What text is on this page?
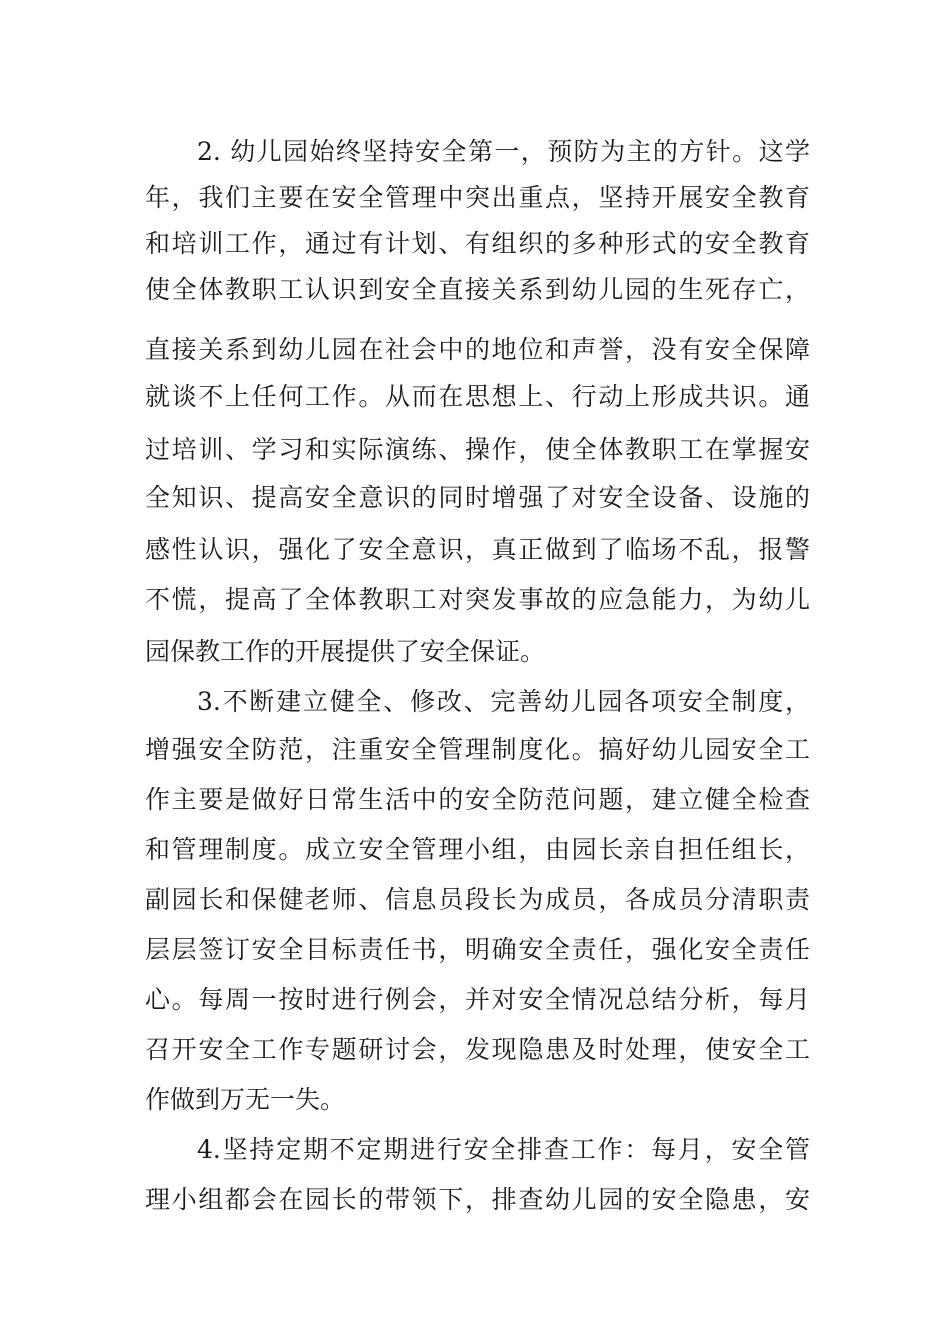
2. 幼儿园始终坚持安全第一，预防为主的方针。这学

年，我们主要在安全管理中突出重点，坚持开展安全教育

和培训工作，通过有计划、有组织的多种形式的安全教育

使全体教职工认识到安全直接关系到幼儿园的生死存亡，

直接关系到幼儿园在社会中的地位和声誉，没有安全保障

就谈不上任何工作。从而在思想上、行动上形成共识。通

过培训、学习和实际演练、操作，使全体教职工在掌握安

全知识、提高安全意识的同时增强了对安全设备、设施的

感性认识，强化了安全意识，真正做到了临场不乱，报警

不慌，提高了全体教职工对突发事故的应急能力，为幼儿

园保教工作的开展提供了安全保证。

3.不断建立健全、修改、完善幼儿园各项安全制度，

增强安全防范，注重安全管理制度化。搞好幼儿园安全工

作主要是做好日常生活中的安全防范问题，建立健全检查

和管理制度。成立安全管理小组，由园长亲自担任组长，

副园长和保健老师、信息员段长为成员，各成员分清职责

层层签订安全目标责任书，明确安全责任，强化安全责任

心。每周一按时进行例会，并对安全情况总结分析，每月

召开安全工作专题研讨会，发现隐患及时处理，使安全工

作做到万无一失。

4.坚持定期不定期进行安全排查工作：每月，安全管

理小组都会在园长的带领下，排查幼儿园的安全隐患，安
